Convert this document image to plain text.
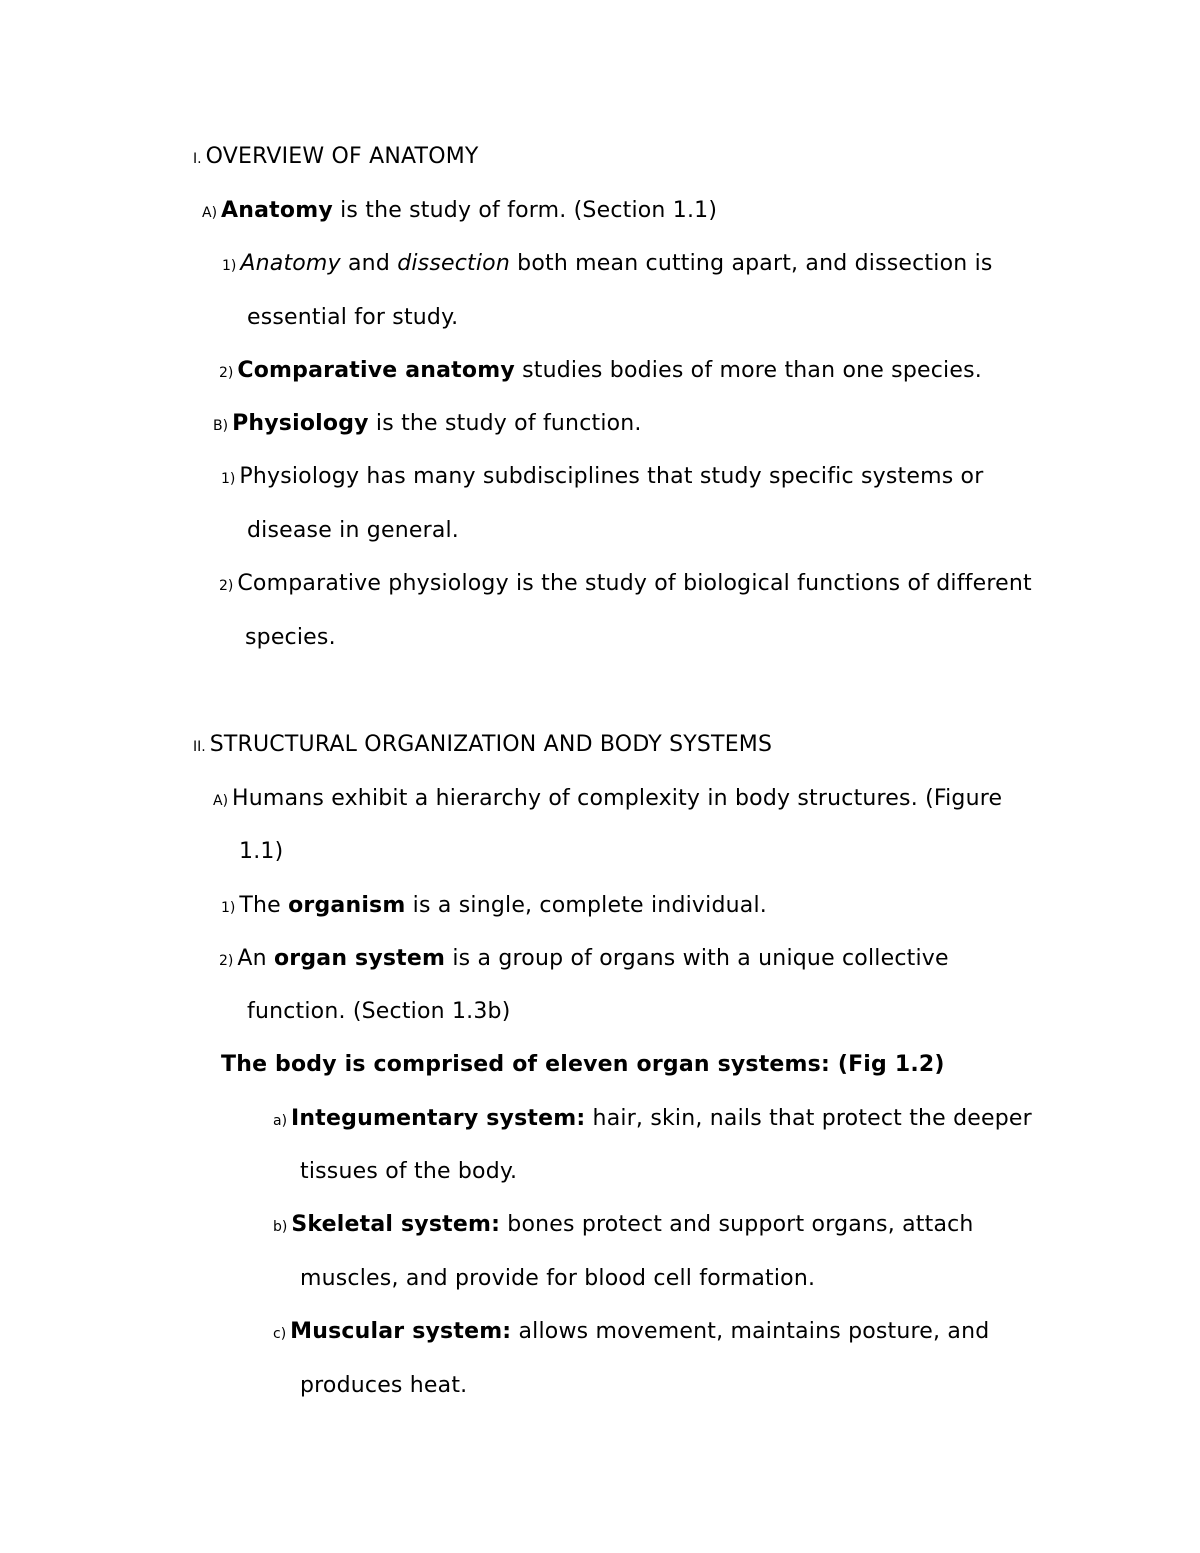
I. OVERVIEW OF ANATOMY
A) Anatomy is the study of form. (Section 1.1)
1) Anatomy and dissection both mean cutting apart, and dissection is
essential for study.
2) Comparative anatomy studies bodies of more than one species.
B) Physiology is the study of function.
1) Physiology has many subdisciplines that study specific systems or
disease in general.
2) Comparative physiology is the study of biological functions of different
species.
II. STRUCTURAL ORGANIZATION AND BODY SYSTEMS
A) Humans exhibit a hierarchy of complexity in body structures. (Figure
1.1)
1) The organism is a single, complete individual.
2) An organ system is a group of organs with a unique collective
function. (Section 1.3b)
The body is comprised of eleven organ systems: (Fig 1.2)
a) Integumentary system: hair, skin, nails that protect the deeper
tissues of the body.
b) Skeletal system: bones protect and support organs, attach
muscles, and provide for blood cell formation.
c) Muscular system: allows movement, maintains posture, and
produces heat.
